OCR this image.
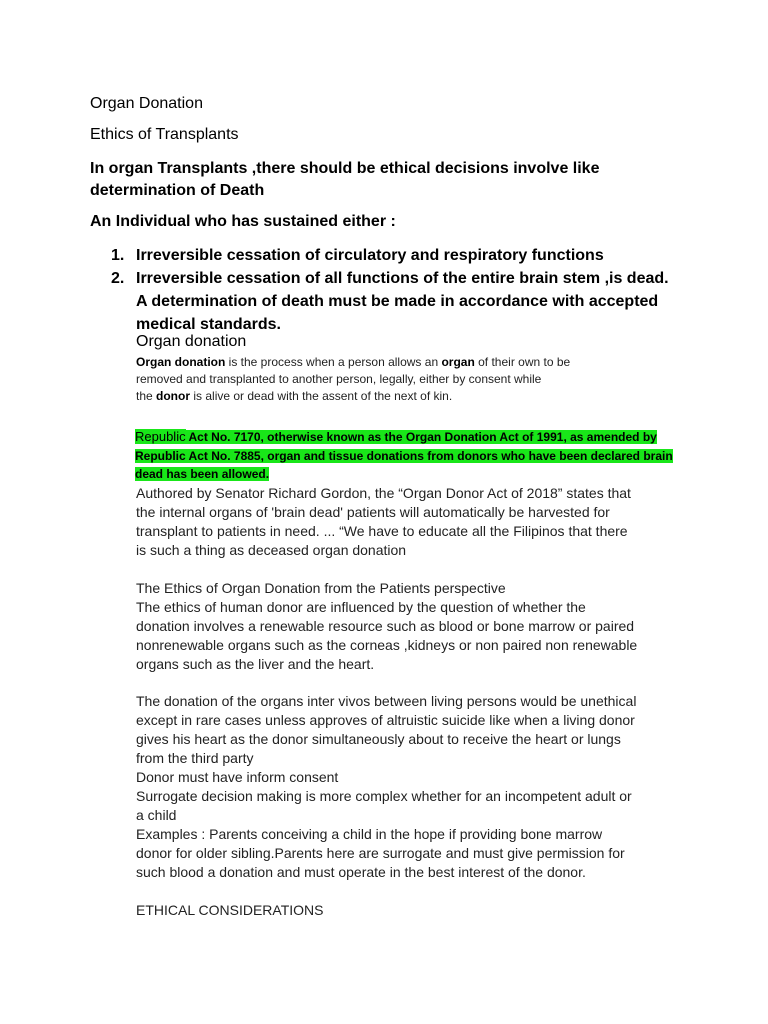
Organ Donation
Ethics of Transplants
In organ Transplants ,there should be ethical decisions involve like
determination of Death
An Individual who has sustained either :
1. Irreversible cessation of circulatory and respiratory functions
2. Irreversible cessation of all functions of the entire brain stem ,is dead.
A determination of death must be made in accordance with accepted
medical standards.
Organ donation
Organ donation is the process when a person allows an organ of their own to be
removed and transplanted to another person, legally, either by consent while
the donor is alive or dead with the assent of the next of kin.
Republic Act No. 7170, otherwise known as the Organ Donation Act of 1991, as amended by
Republic Act No. 7885, organ and tissue donations from donors who have been declared brain
dead has been allowed.
Authored by Senator Richard Gordon, the “Organ Donor Act of 2018” states that
the internal organs of 'brain dead' patients will automatically be harvested for
transplant to patients in need. ... “We have to educate all the Filipinos that there
is such a thing as deceased organ donation
The Ethics of Organ Donation from the Patients perspective
The ethics of human donor are influenced by the question of whether the
donation involves a renewable resource such as blood or bone marrow or paired
nonrenewable organs such as the corneas ,kidneys or non paired non renewable
organs such as the liver and the heart.
The donation of the organs inter vivos between living persons would be unethical
except in rare cases unless approves of altruistic suicide like when a living donor
gives his heart as the donor simultaneously about to receive the heart or lungs
from the third party
Donor must have inform consent
Surrogate decision making is more complex whether for an incompetent adult or
a child
Examples : Parents conceiving a child in the hope if providing bone marrow
donor for older sibling.Parents here are surrogate and must give permission for
such blood a donation and must operate in the best interest of the donor.
ETHICAL CONSIDERATIONS
